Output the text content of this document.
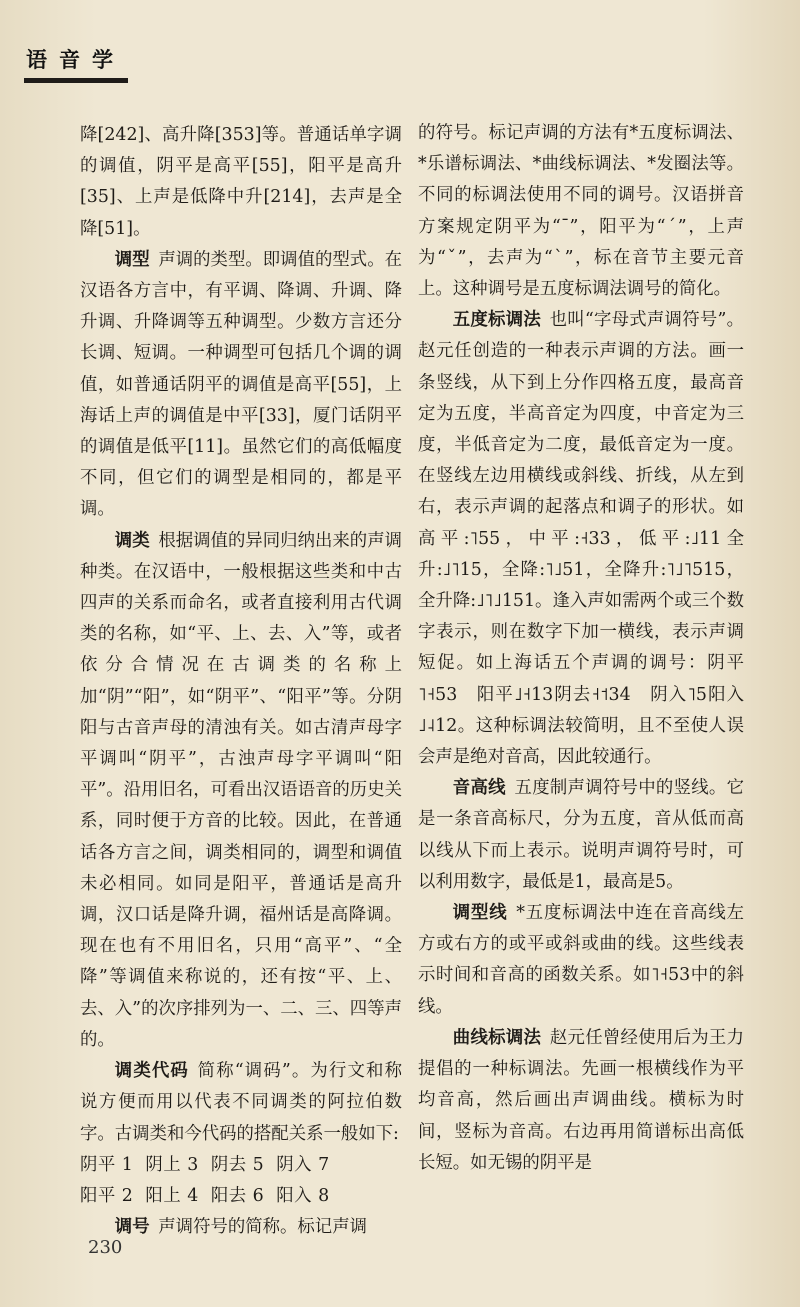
语音学

降[242]、高升降[353]等。普通话单字调的调值，阴平是高平[55]，阳平是高升[35]、上声是低降中升[214]，去声是全降[51]。

调型 声调的类型。即调值的型式。在汉语各方言中，有平调、降调、升调、降升调、升降调等五种调型。少数方言还分长调、短调。一种调型可包括几个调的调值，如普通话阴平的调值是高平[55]，上海话上声的调值是中平[33]，厦门话阴平的调值是低平[11]。虽然它们的高低幅度不同，但它们的调型是相同的，都是平调。

调类 根据调值的异同归纳出来的声调种类。在汉语中，一般根据这些类和中古四声的关系而命名，或者直接利用古代调类的名称，如“平、上、去、入”等，或者依分合情况在古调类的名称上加“阴”“阳”，如“阴平”、“阳平”等。分阴阳与古音声母的清浊有关。如古清声母字平调叫“阴平”，古浊声母字平调叫“阳平”。沿用旧名，可看出汉语语音的历史关系，同时便于方音的比较。因此，在普通话各方言之间，调类相同的，调型和调值未必相同。如同是阳平，普通话是高升调，汉口话是降升调，福州话是高降调。现在也有不用旧名，只用“高平”、“全降”等调值来称说的，还有按“平、上、去、入”的次序排列为一、二、三、四等声的。

调类代码 简称“调码”。为行文和称说方便而用以代表不同调类的阿拉伯数字。古调类和今代码的搭配关系一般如下:

阴平 1  阴上 3  阴去 5  阴入 7

阳平 2  阳上 4  阳去 6  阳入 8

调号 声调符号的简称。标记声调

的符号。标记声调的方法有*五度标调法、*乐谱标调法、*曲线标调法、*发圈法等。不同的标调法使用不同的调号。汉语拼音方案规定阴平为“ˉ”，阳平为“ˊ”，上声为“ˇ”，去声为“ˋ”，标在音节主要元音上。这种调号是五度标调法调号的简化。

五度标调法 也叫“字母式声调符号”。赵元任创造的一种表示声调的方法。画一条竖线，从下到上分作四格五度，最高音定为五度，半高音定为四度，中音定为三度，半低音定为二度，最低音定为一度。在竖线左边用横线或斜线、折线，从左到右，表示声调的起落点和调子的形状。如高平:˥55，中平:˧33，低平:˩11全升:˩˥15，全降:˥˩51，全降升:˥˩˥515，全升降:˩˥˩151。逢入声如需两个或三个数字表示，则在数字下加一横线，表示声调短促。如上海话五个声调的调号：阴平˥˧53　阳平˩˧13阴去˧˦34　阴入˥5阳入˩˨12。这种标调法较简明，且不至使人误会声是绝对音高，因此较通行。

音高线 五度制声调符号中的竖线。它是一条音高标尺，分为五度，音从低而高以线从下而上表示。说明声调符号时，可以利用数字，最低是1，最高是5。

调型线 *五度标调法中连在音高线左方或右方的或平或斜或曲的线。这些线表示时间和音高的函数关系。如˥˧53中的斜线。

曲线标调法 赵元任曾经使用后为王力提倡的一种标调法。先画一根横线作为平均音高，然后画出声调曲线。横标为时间，竖标为音高。右边再用简谱标出高低长短。如无锡的阴平是

230
